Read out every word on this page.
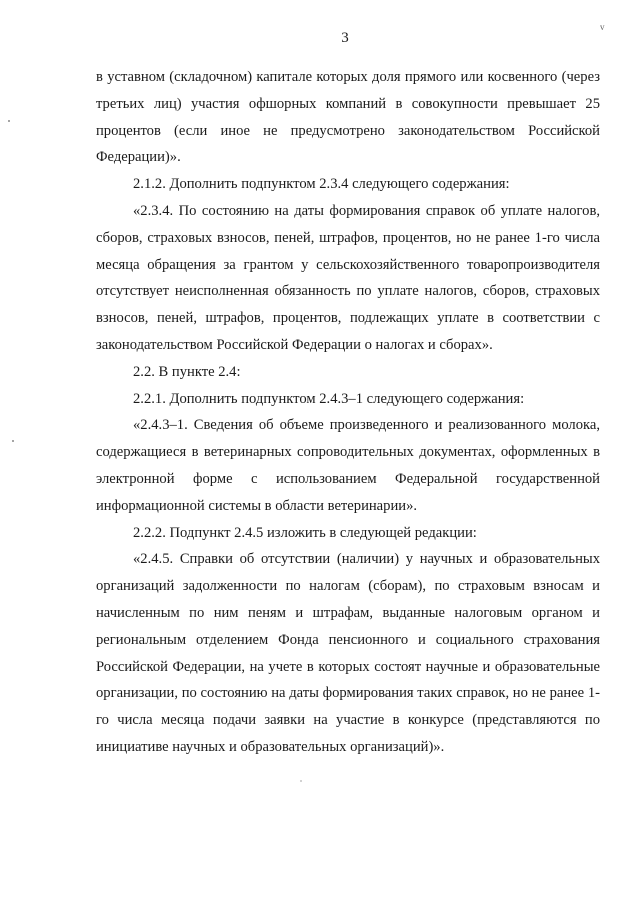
3
v

в уставном (складочном) капитале которых доля прямого или косвенного (через третьих лиц) участия офшорных компаний в совокупности превышает 25 процентов (если иное не предусмотрено законодательством Российской Федерации)».

2.1.2. Дополнить подпунктом 2.3.4 следующего содержания:

«2.3.4. По состоянию на даты формирования справок об уплате налогов, сборов, страховых взносов, пеней, штрафов, процентов, но не ранее 1-го числа месяца обращения за грантом у сельскохозяйственного товаропроизводителя отсутствует неисполненная обязанность по уплате налогов, сборов, страховых взносов, пеней, штрафов, процентов, подлежащих уплате в соответствии с законодательством Российской Федерации о налогах и сборах».

2.2. В пункте 2.4:

2.2.1. Дополнить подпунктом 2.4.3–1 следующего содержания:

«2.4.3–1. Сведения об объеме произведенного и реализованного молока, содержащиеся в ветеринарных сопроводительных документах, оформленных в электронной форме с использованием Федеральной государственной информационной системы в области ветеринарии».

2.2.2. Подпункт 2.4.5 изложить в следующей редакции:

«2.4.5. Справки об отсутствии (наличии) у научных и образовательных организаций задолженности по налогам (сборам), по страховым взносам и начисленным по ним пеням и штрафам, выданные налоговым органом и региональным отделением Фонда пенсионного и социального страхования Российской Федерации, на учете в которых состоят научные и образовательные организации, по состоянию на даты формирования таких справок, но не ранее 1-го числа месяца подачи заявки на участие в конкурсе (представляются по инициативе научных и образовательных организаций)».
